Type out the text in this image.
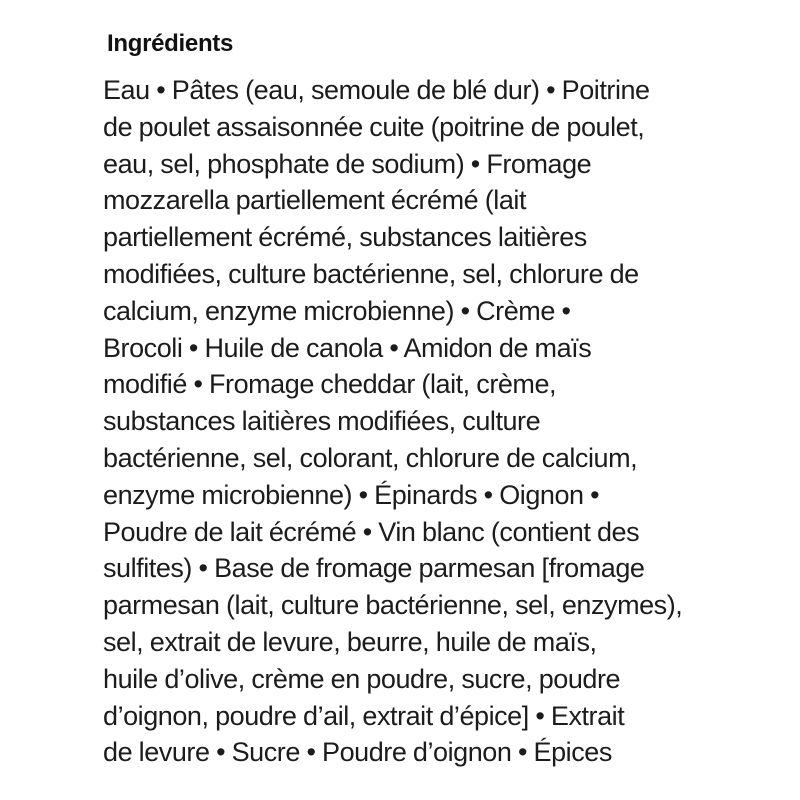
Ingrédients
Eau • Pâtes (eau, semoule de blé dur) • Poitrine
de poulet assaisonnée cuite (poitrine de poulet,
eau, sel, phosphate de sodium) • Fromage
mozzarella partiellement écrémé (lait
partiellement écrémé, substances laitières
modifiées, culture bactérienne, sel, chlorure de
calcium, enzyme microbienne) • Crème •
Brocoli • Huile de canola • Amidon de maïs
modifié • Fromage cheddar (lait, crème,
substances laitières modifiées, culture
bactérienne, sel, colorant, chlorure de calcium,
enzyme microbienne) • Épinards • Oignon •
Poudre de lait écrémé • Vin blanc (contient des
sulfites) • Base de fromage parmesan [fromage
parmesan (lait, culture bactérienne, sel, enzymes),
sel, extrait de levure, beurre, huile de maïs,
huile d’olive, crème en poudre, sucre, poudre
d’oignon, poudre d’ail, extrait d’épice] • Extrait
de levure • Sucre • Poudre d’oignon • Épices
